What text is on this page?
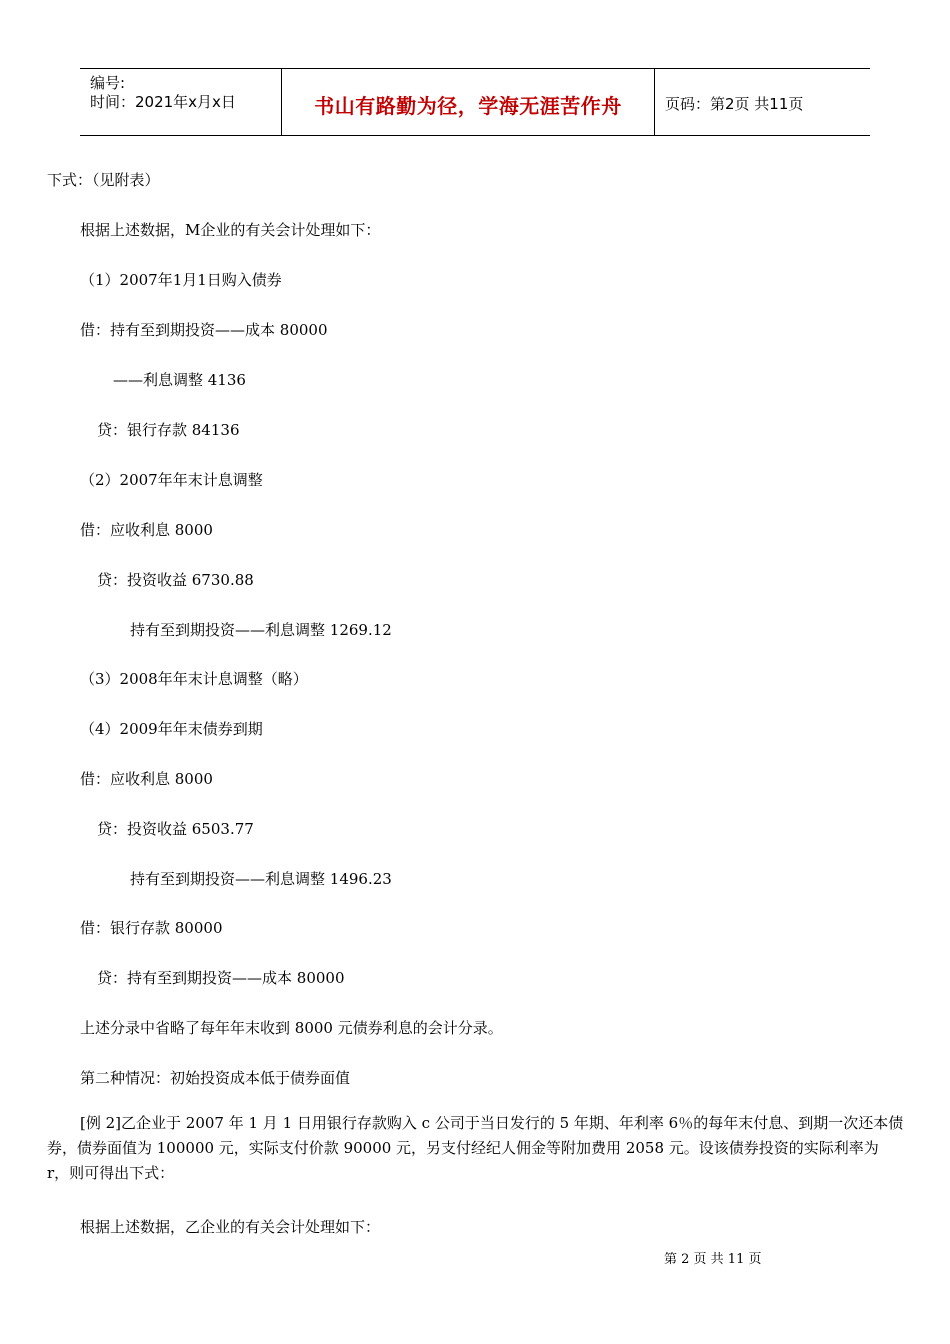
编号:
时间：2021年x月x日	书山有路勤为径，学海无涯苦作舟	页码：第2页 共11页
下式：（见附表）
根据上述数据，M企业的有关会计处理如下：
（1）2007年1月1日购入债券
借：持有至到期投资——成本 80000
——利息调整 4136
贷：银行存款 84136
（2）2007年年末计息调整
借：应收利息 8000
贷：投资收益 6730.88
持有至到期投资——利息调整 1269.12
（3）2008年年末计息调整（略）
（4）2009年年末债券到期
借：应收利息 8000
贷：投资收益 6503.77
持有至到期投资——利息调整 1496.23
借：银行存款 80000
贷：持有至到期投资——成本 80000
上述分录中省略了每年年末收到 8000 元债券利息的会计分录。
第二种情况：初始投资成本低于债券面值
[例 2]乙企业于 2007 年 1 月 1 日用银行存款购入 c 公司于当日发行的 5 年期、年利率 6％的每年末付息、到期一次还本债券，债券面值为 100000 元，实际支付价款 90000 元，另支付经纪人佣金等附加费用 2058 元。设该债券投资的实际利率为 r，则可得出下式：
根据上述数据，乙企业的有关会计处理如下：
第 2 页 共 11 页
